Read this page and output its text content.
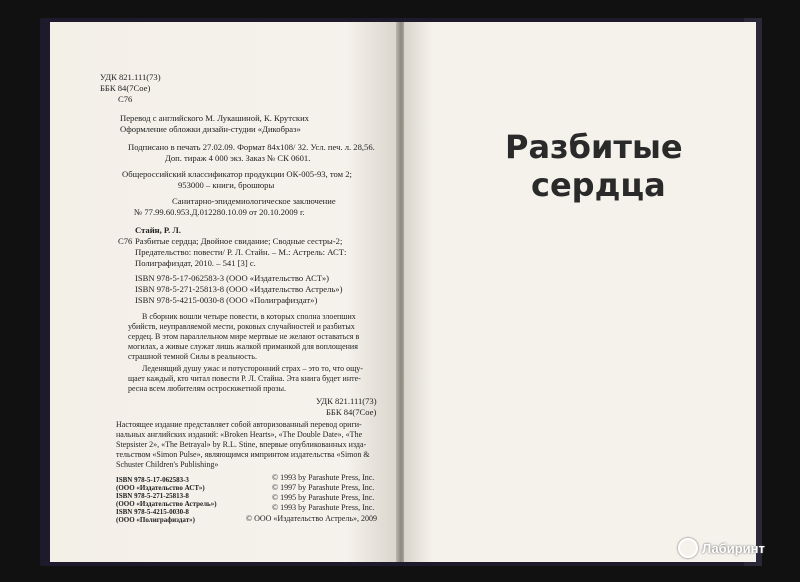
УДК 821.111(73)
ББК 84(7Сое)
С76
Перевод с английского М. Лукашиной, К. Крутских
Оформление обложки дизайн-студии «Дикобраз»
Подписано в печать 27.02.09. Формат 84х108/ 32. Усл. печ. л. 28,56.
Доп. тираж 4 000 экз. Заказ № СК 0601.
Общероссийский классификатор продукции ОК-005-93, том 2;
953000 – книги, брошюры
Санитарно-эпидемиологическое заключение
№ 77.99.60.953.Д.012280.10.09 от 20.10.2009 г.
Стайн, Р. Л.
С76 Разбитые сердца; Двойное свидание; Сводные сестры-2;
Предательство: повести/ Р. Л. Стайн. – М.: Астрель: АСТ:
Полиграфиздат, 2010. – 541 [3] с.
ISBN 978-5-17-062583-3 (ООО «Издательство АСТ»)
ISBN 978-5-271-25813-8 (ООО «Издательство Астрель»)
ISBN 978-5-4215-0030-8 (ООО «Полиграфиздат»)
В сборник вошли четыре повести, в которых сполна злоепших
убийств, неуправляемой мести, роковых случайностей и разбитых
сердец. В этом параллельном мире мертвые не желают оставаться в
могилах, а живые служат лишь жалкой приманкой для воплощения
страшной темной Силы в реальность.
Леденящий душу ужас и потусторонний страх – это то, что ощу-
щает каждый, кто читал повести Р. Л. Стайна. Эта книга будет инте-
ресна всем любителям остросюжетной прозы.
УДК 821.111(73)
ББК 84(7Сое)
Настоящее издание представляет собой авторизованный перевод ориги-
нальных английских изданий: «Broken Hearts», «The Double Date», «The
Stepsister 2», «The Betrayal» by R.L. Stine, впервые опубликованных изда-
тельством «Simon Pulse», являющимся импринтом издательства «Simon &
Schuster Children's Publishing»
© 1993 by Parashute Press, Inc.
© 1997 by Parashute Press, Inc.
© 1995 by Parashute Press, Inc.
© 1993 by Parashute Press, Inc.
ISBN 978-5-17-062583-3
(ООО «Издательство АСТ»)
ISBN 978-5-271-25813-8
(ООО «Издательство Астрель»)
ISBN 978-5-4215-0030-8
(ООО «Полиграфиздат»)	© ООО «Издательство Астрель», 2009
Разбитые
сердца
Лабиринт
